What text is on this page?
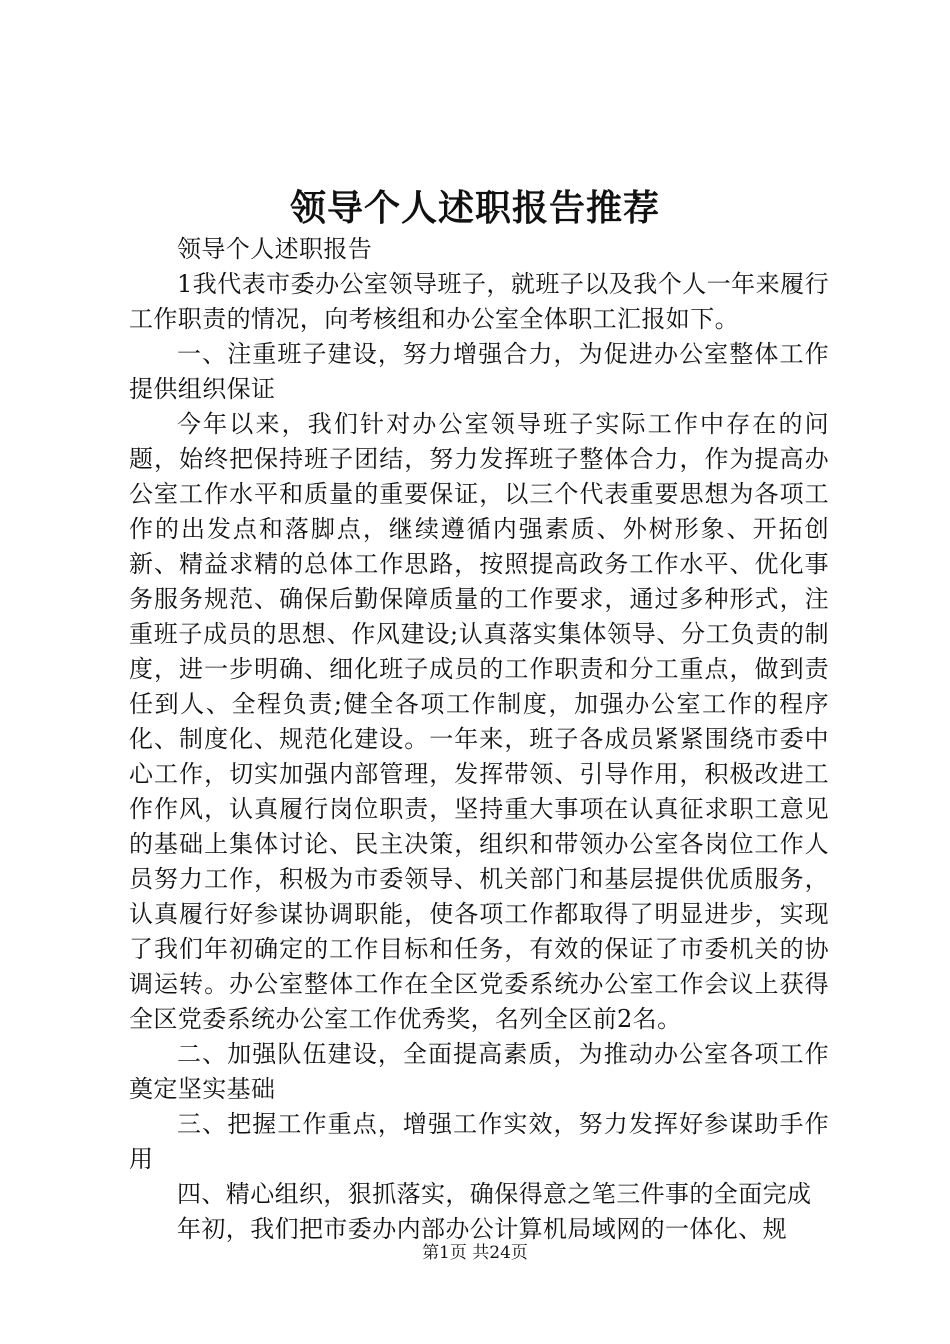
领导个人述职报告推荐

领导个人述职报告

1我代表市委办公室领导班子，就班子以及我个人一年来履行工作职责的情况，向考核组和办公室全体职工汇报如下。

一、注重班子建设，努力增强合力，为促进办公室整体工作提供组织保证

今年以来，我们针对办公室领导班子实际工作中存在的问题，始终把保持班子团结，努力发挥班子整体合力，作为提高办公室工作水平和质量的重要保证，以三个代表重要思想为各项工作的出发点和落脚点，继续遵循内强素质、外树形象、开拓创新、精益求精的总体工作思路，按照提高政务工作水平、优化事务服务规范、确保后勤保障质量的工作要求，通过多种形式，注重班子成员的思想、作风建设;认真落实集体领导、分工负责的制度，进一步明确、细化班子成员的工作职责和分工重点，做到责任到人、全程负责;健全各项工作制度，加强办公室工作的程序化、制度化、规范化建设。一年来，班子各成员紧紧围绕市委中心工作，切实加强内部管理，发挥带领、引导作用，积极改进工作作风，认真履行岗位职责，坚持重大事项在认真征求职工意见的基础上集体讨论、民主决策，组织和带领办公室各岗位工作人员努力工作，积极为市委领导、机关部门和基层提供优质服务，认真履行好参谋协调职能，使各项工作都取得了明显进步，实现了我们年初确定的工作目标和任务，有效的保证了市委机关的协调运转。办公室整体工作在全区党委系统办公室工作会议上获得全区党委系统办公室工作优秀奖，名列全区前2名。

二、加强队伍建设，全面提高素质，为推动办公室各项工作奠定坚实基础

三、把握工作重点，增强工作实效，努力发挥好参谋助手作用

四、精心组织，狠抓落实，确保得意之笔三件事的全面完成

年初，我们把市委办内部办公计算机局域网的一体化、规

第1页 共24页
